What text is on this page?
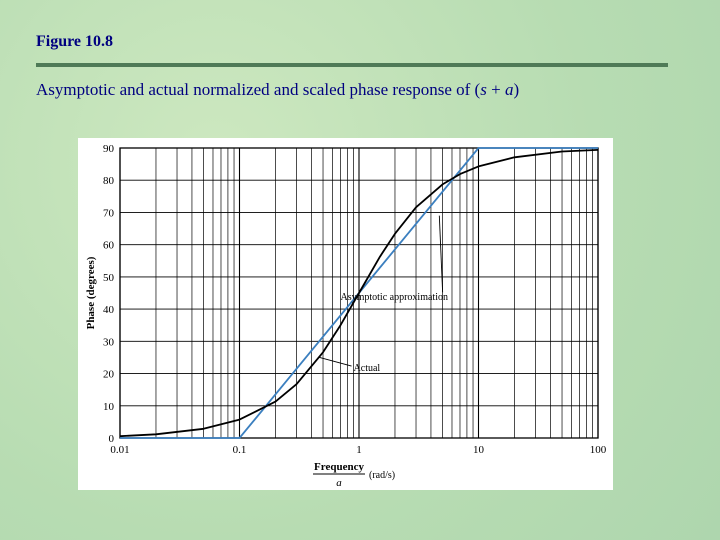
Figure 10.8
Asymptotic and actual normalized and scaled phase response of (s + a)
0
10
20
30
40
50
60
70
80
90
0.01	0.1	1	10	100
Phase (degrees)
Frequency
a
(rad/s)
Actual
Asymptotic approximation
